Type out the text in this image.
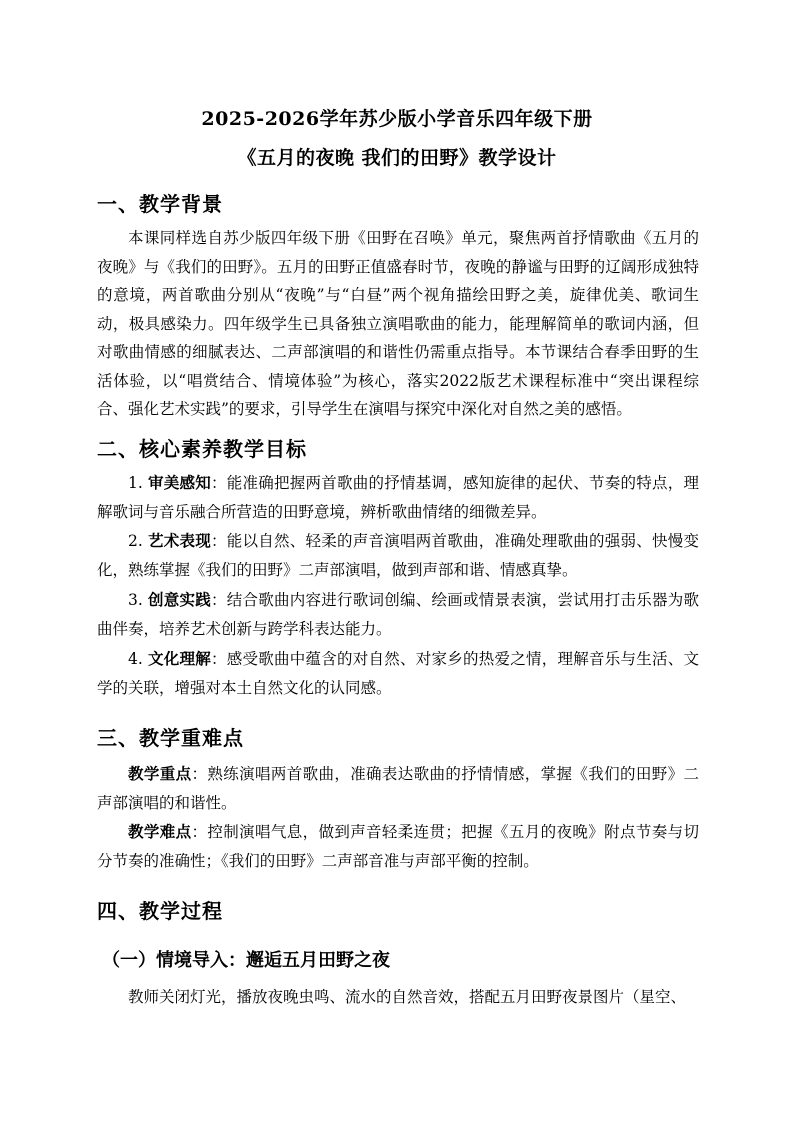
2025-2026学年苏少版小学音乐四年级下册
《五月的夜晚 我们的田野》教学设计
一、教学背景
本课同样选自苏少版四年级下册《田野在召唤》单元，聚焦两首抒情歌曲《五月的夜晚》与《我们的田野》。五月的田野正值盛春时节，夜晚的静谧与田野的辽阔形成独特的意境，两首歌曲分别从“夜晚”与“白昼”两个视角描绘田野之美，旋律优美、歌词生动，极具感染力。四年级学生已具备独立演唱歌曲的能力，能理解简单的歌词内涵，但对歌曲情感的细腻表达、二声部演唱的和谐性仍需重点指导。本节课结合春季田野的生活体验，以“唱赏结合、情境体验”为核心，落实2022版艺术课程标准中“突出课程综合、强化艺术实践”的要求，引导学生在演唱与探究中深化对自然之美的感悟。
二、核心素养教学目标
1. 审美感知：能准确把握两首歌曲的抒情基调，感知旋律的起伏、节奏的特点，理解歌词与音乐融合所营造的田野意境，辨析歌曲情绪的细微差异。
2. 艺术表现：能以自然、轻柔的声音演唱两首歌曲，准确处理歌曲的强弱、快慢变化，熟练掌握《我们的田野》二声部演唱，做到声部和谐、情感真挚。
3. 创意实践：结合歌曲内容进行歌词创编、绘画或情景表演，尝试用打击乐器为歌曲伴奏，培养艺术创新与跨学科表达能力。
4. 文化理解：感受歌曲中蕴含的对自然、对家乡的热爱之情，理解音乐与生活、文学的关联，增强对本土自然文化的认同感。
三、教学重难点
教学重点：熟练演唱两首歌曲，准确表达歌曲的抒情情感，掌握《我们的田野》二声部演唱的和谐性。
教学难点：控制演唱气息，做到声音轻柔连贯；把握《五月的夜晚》附点节奏与切分节奏的准确性；《我们的田野》二声部音准与声部平衡的控制。
四、教学过程
（一）情境导入：邂逅五月田野之夜
教师关闭灯光，播放夜晚虫鸣、流水的自然音效，搭配五月田野夜景图片（星空、
